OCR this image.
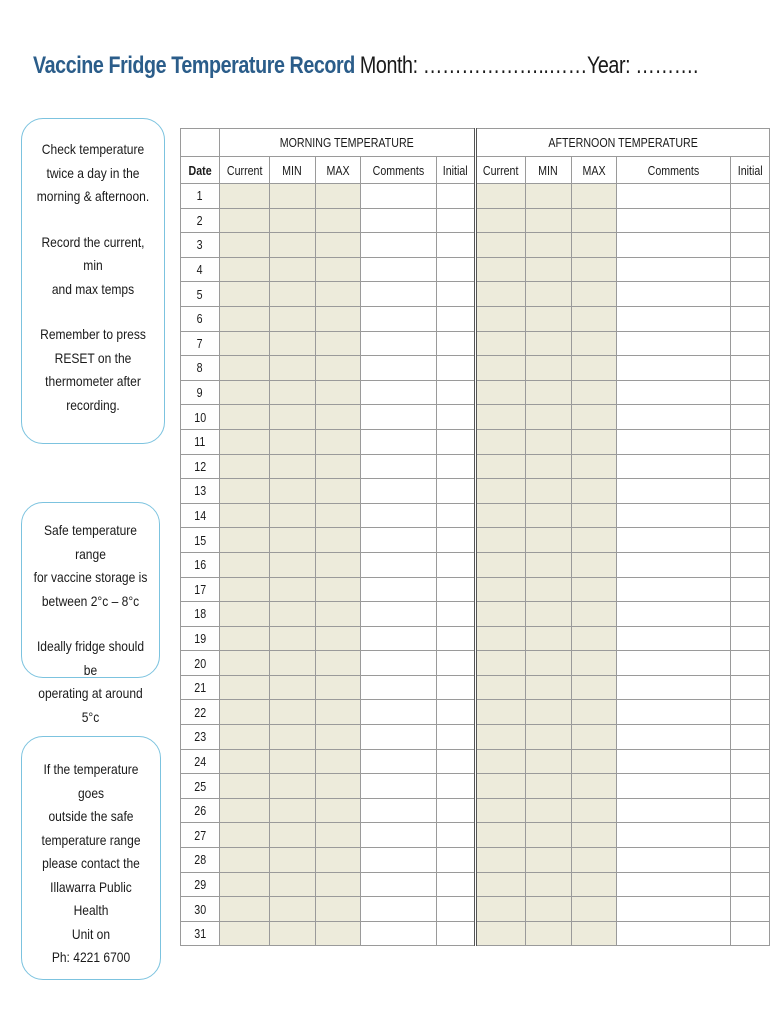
Vaccine Fridge Temperature Record Month: ………………..……Year: ……….

Check temperature

twice a day in the

morning & afternoon.

Record the current, min

and max temps

Remember to press

RESET on the

thermometer after

recording.

Safe temperature range

for vaccine storage is

between 2°c – 8°c

Ideally fridge should be

operating at around 5°c

If the temperature goes

outside the safe

temperature range

please contact the

Illawarra Public Health

Unit on

Ph: 4221 6700

	MORNING TEMPERATURE					AFTERNOON TEMPERATURE				
Date	Current	MIN	MAX	Comments	Initial	Current	MIN	MAX	Comments	Initial
1										
2										
3										
4										
5										
6										
7										
8										
9										
10										
11										
12										
13										
14										
15										
16										
17										
18										
19										
20										
21										
22										
23										
24										
25										
26										
27										
28										
29										
30										
31										
